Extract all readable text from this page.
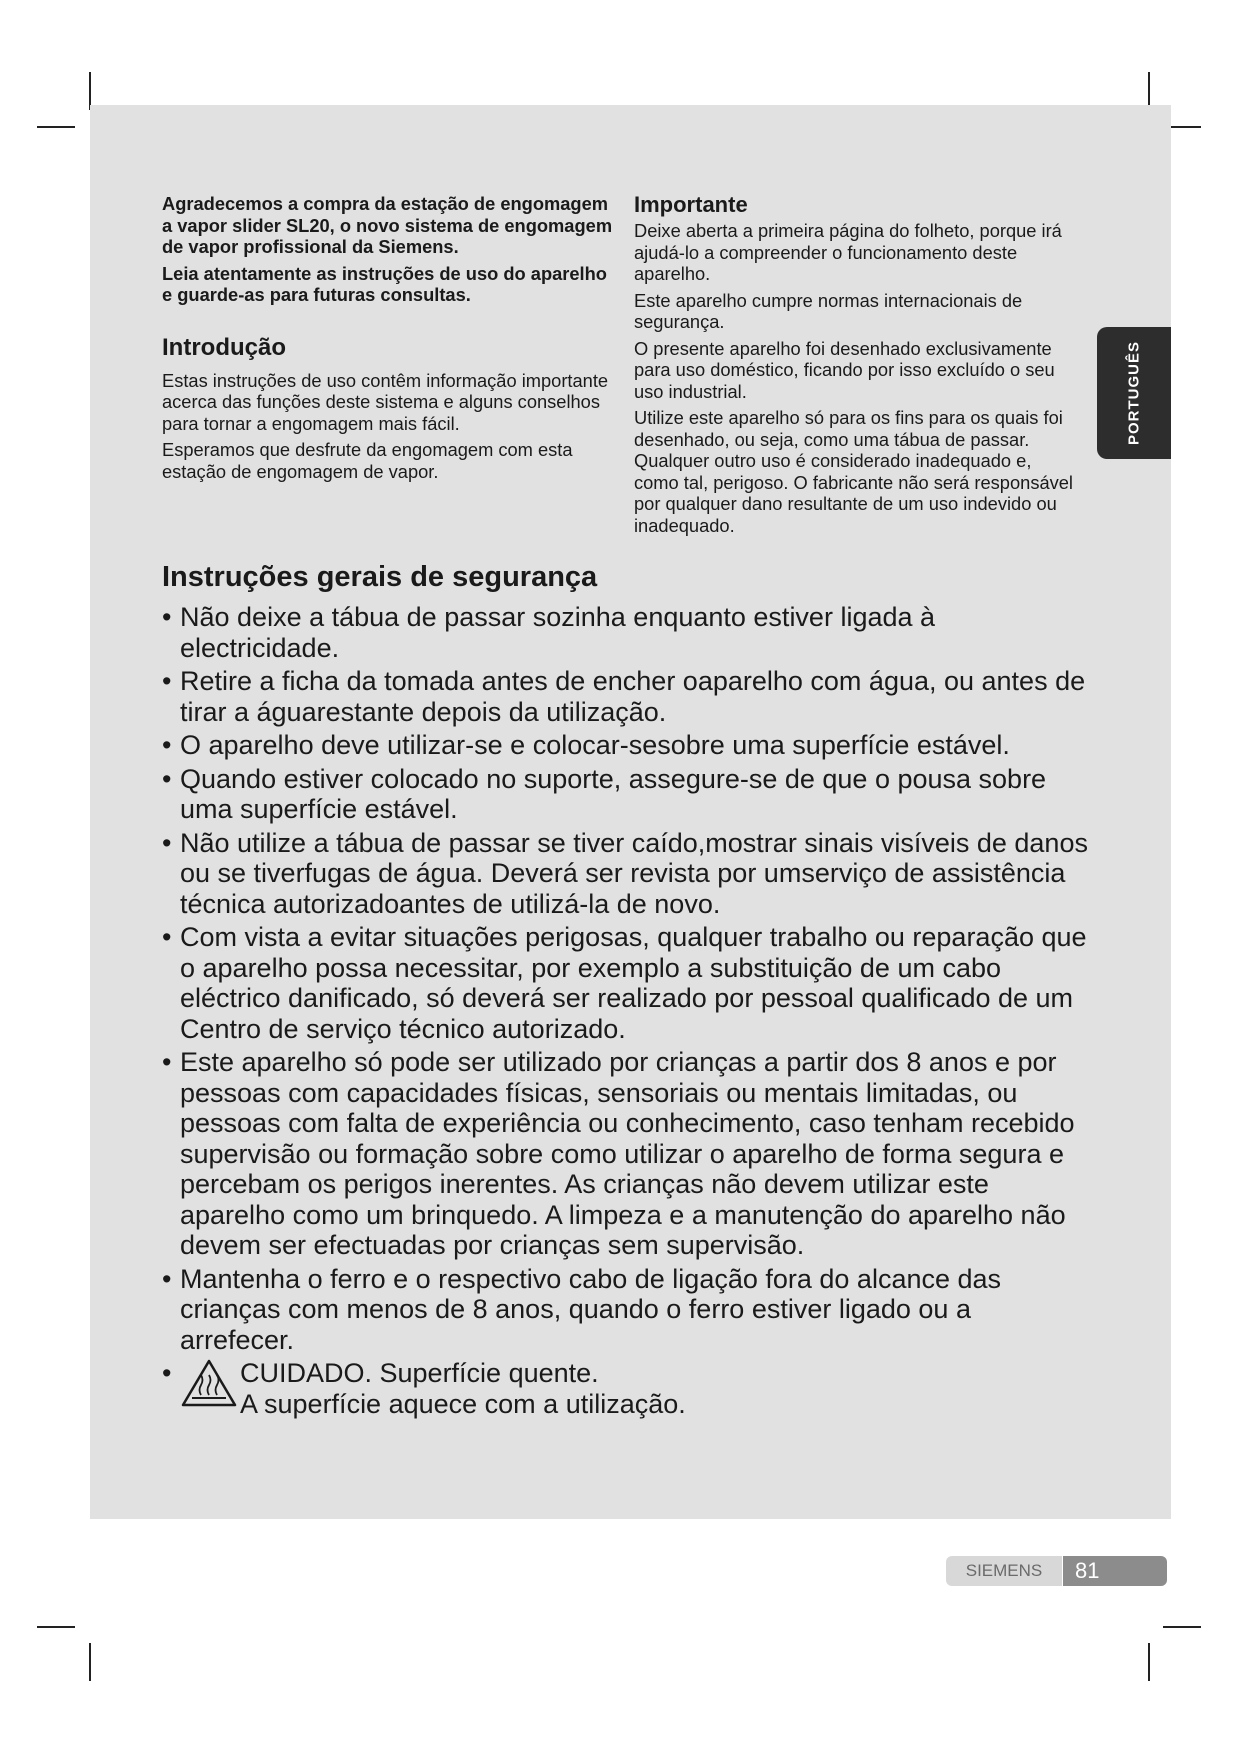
Agradecemos a compra da estação de engomagem a vapor slider SL20, o novo sistema de engomagem de vapor profissional da Siemens.

Leia atentamente as instruções de uso do aparelho e guarde-as para futuras consultas.

Introdução

Estas instruções de uso contêm informação importante acerca das funções deste sistema e alguns conselhos para tornar a engomagem mais fácil.

Esperamos que desfrute da engomagem com esta estação de engomagem de vapor.

Importante

Deixe aberta a primeira página do folheto, porque irá ajudá-lo a compreender o funcionamento deste aparelho.

Este aparelho cumpre normas internacionais de segurança.

O presente aparelho foi desenhado exclusivamente para uso doméstico, ficando por isso excluído o seu uso industrial.

Utilize este aparelho só para os fins para os quais foi desenhado, ou seja, como uma tábua de passar. Qualquer outro uso é considerado inadequado e, como tal, perigoso. O fabricante não será responsável por qualquer dano resultante de um uso indevido ou inadequado.

PORTUGUÊS
Instruções gerais de segurança
• Não deixe a tábua de passar sozinha enquanto estiver ligada à electricidade.
• Retire a ficha da tomada antes de encher oaparelho com água, ou antes de tirar a águarestante depois da utilização.
• O aparelho deve utilizar-se e colocar-sesobre uma superfície estável.
• Quando estiver colocado no suporte, assegure-se de que o pousa sobre uma superfície estável.
• Não utilize a tábua de passar se tiver caído,mostrar sinais visíveis de danos ou se tiverfugas de água. Deverá ser revista por umserviço de assistência técnica autorizadoantes de utilizá-la de novo.
• Com vista a evitar situações perigosas, qualquer trabalho ou reparação que o aparelho possa necessitar, por exemplo a substituição de um cabo eléctrico danificado, só deverá ser realizado por pessoal qualificado de um Centro de serviço técnico autorizado.
• Este aparelho só pode ser utilizado por crianças a partir dos 8 anos e por pessoas com capacidades físicas, sensoriais ou mentais limitadas, ou pessoas com falta de experiência ou conhecimento, caso tenham recebido supervisão ou formação sobre como utilizar o aparelho de forma segura e percebam os perigos inerentes. As crianças não devem utilizar este aparelho como um brinquedo. A limpeza e a manutenção do aparelho não devem ser efectuadas por crianças sem supervisão.
• Mantenha o ferro e o respectivo cabo de ligação fora do alcance das crianças com menos de 8 anos, quando o ferro estiver ligado ou a arrefecer.
• CUIDADO. Superfície quente.
A superfície aquece com a utilização.
SIEMENS	81
